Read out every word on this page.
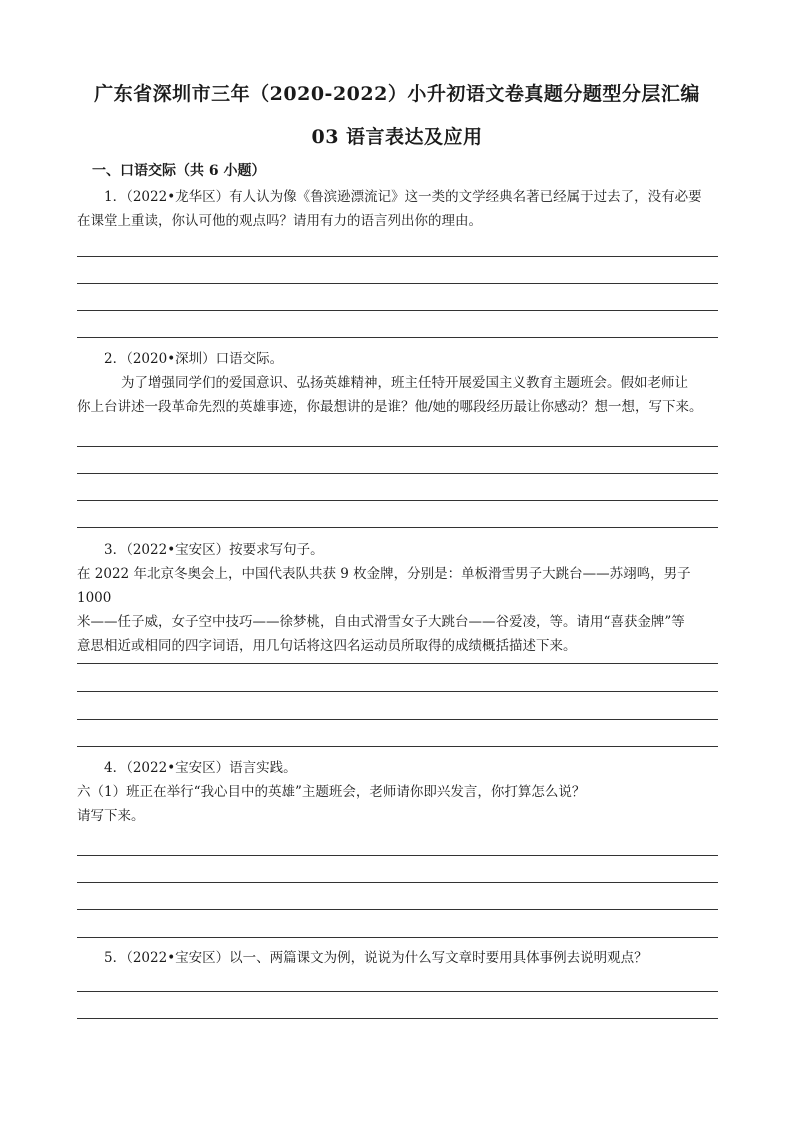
广东省深圳市三年（2020-2022）小升初语文卷真题分题型分层汇编
03 语言表达及应用
一、口语交际（共 6 小题）

1．（2022•龙华区）有人认为像《鲁滨逊漂流记》这一类的文学经典名著已经属于过去了，没有必要

在课堂上重读，你认可他的观点吗？请用有力的语言列出你的理由。

2．（2020•深圳）口语交际。

为了增强同学们的爱国意识、弘扬英雄精神，班主任特开展爱国主义教育主题班会。假如老师让

你上台讲述一段革命先烈的英雄事迹，你最想讲的是谁？他/她的哪段经历最让你感动？想一想，写下来。

3．（2022•宝安区）按要求写句子。

在 2022 年北京冬奥会上，中国代表队共获 9 枚金牌，分别是：单板滑雪男子大跳台——苏翊鸣，男子 1000

米——任子威，女子空中技巧——徐梦桃，自由式滑雪女子大跳台——谷爱凌，等。请用“喜获金牌”等

意思相近或相同的四字词语，用几句话将这四名运动员所取得的成绩概括描述下来。

4．（2022•宝安区）语言实践。

六（1）班正在举行“我心目中的英雄”主题班会，老师请你即兴发言，你打算怎么说？

请写下来。

5．（2022•宝安区）以一、两篇课文为例，说说为什么写文章时要用具体事例去说明观点？
